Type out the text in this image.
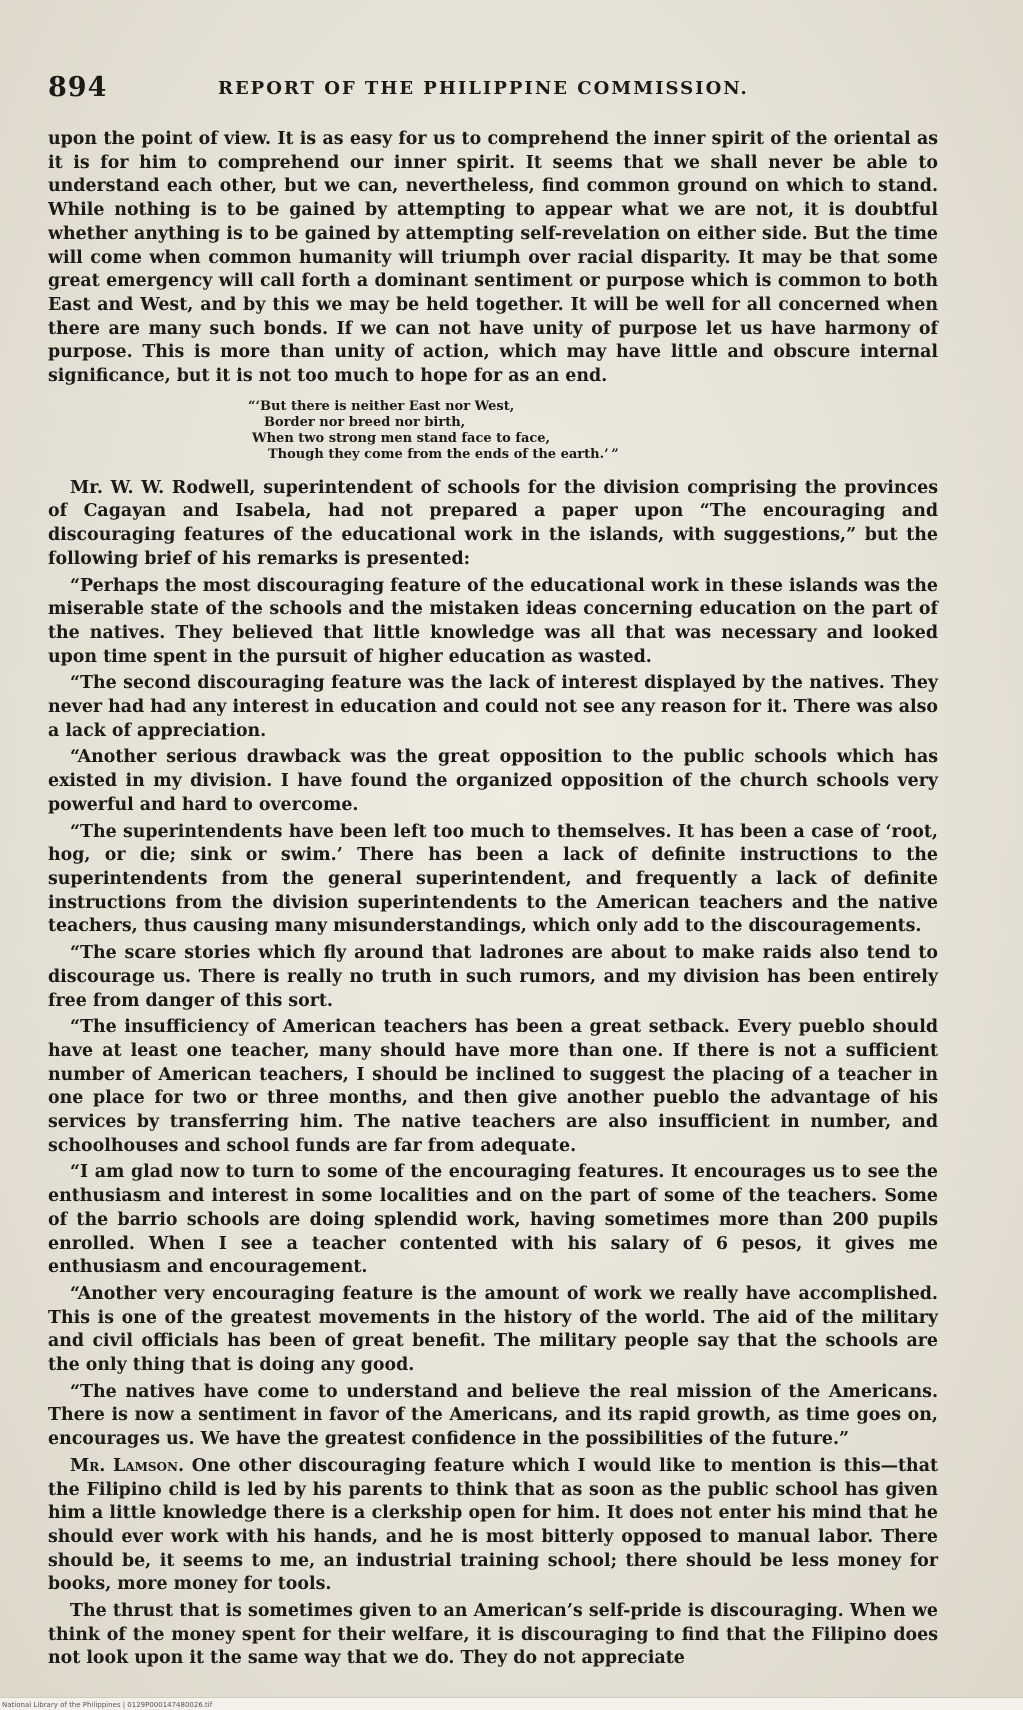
894	REPORT OF THE PHILIPPINE COMMISSION.

upon the point of view. It is as easy for us to comprehend the inner spirit of the oriental as it is for him to comprehend our inner spirit. It seems that we shall never be able to understand each other, but we can, nevertheless, find common ground on which to stand. While nothing is to be gained by attempting to appear what we are not, it is doubtful whether anything is to be gained by attempting self-revelation on either side. But the time will come when common humanity will triumph over racial disparity. It may be that some great emergency will call forth a dominant sentiment or purpose which is common to both East and West, and by this we may be held together. It will be well for all concerned when there are many such bonds. If we can not have unity of purpose let us have harmony of purpose. This is more than unity of action, which may have little and obscure internal significance, but it is not too much to hope for as an end.

“‘But there is neither East nor West,
Border nor breed nor birth,
When two strong men stand face to face,
Though they come from the ends of the earth.’ ”

Mr. W. W. Rodwell, superintendent of schools for the division comprising the provinces of Cagayan and Isabela, had not prepared a paper upon “The encouraging and discouraging features of the educational work in the islands, with suggestions,” but the following brief of his remarks is presented:

“Perhaps the most discouraging feature of the educational work in these islands was the miserable state of the schools and the mistaken ideas concerning education on the part of the natives. They believed that little knowledge was all that was necessary and looked upon time spent in the pursuit of higher education as wasted.

“The second discouraging feature was the lack of interest displayed by the natives. They never had had any interest in education and could not see any reason for it. There was also a lack of appreciation.

“Another serious drawback was the great opposition to the public schools which has existed in my division. I have found the organized opposition of the church schools very powerful and hard to overcome.

“The superintendents have been left too much to themselves. It has been a case of ‘root, hog, or die; sink or swim.’ There has been a lack of definite instructions to the superintendents from the general superintendent, and frequently a lack of definite instructions from the division superintendents to the American teachers and the native teachers, thus causing many misunderstandings, which only add to the discouragements.

“The scare stories which fly around that ladrones are about to make raids also tend to discourage us. There is really no truth in such rumors, and my division has been entirely free from danger of this sort.

“The insufficiency of American teachers has been a great setback. Every pueblo should have at least one teacher, many should have more than one. If there is not a sufficient number of American teachers, I should be inclined to suggest the placing of a teacher in one place for two or three months, and then give another pueblo the advantage of his services by transferring him. The native teachers are also insufficient in number, and schoolhouses and school funds are far from adequate.

“I am glad now to turn to some of the encouraging features. It encourages us to see the enthusiasm and interest in some localities and on the part of some of the teachers. Some of the barrio schools are doing splendid work, having sometimes more than 200 pupils enrolled. When I see a teacher contented with his salary of 6 pesos, it gives me enthusiasm and encouragement.

“Another very encouraging feature is the amount of work we really have accomplished. This is one of the greatest movements in the history of the world. The aid of the military and civil officials has been of great benefit. The military people say that the schools are the only thing that is doing any good.

“The natives have come to understand and believe the real mission of the Americans. There is now a sentiment in favor of the Americans, and its rapid growth, as time goes on, encourages us. We have the greatest confidence in the possibilities of the future.”

Mr. Lamson. One other discouraging feature which I would like to mention is this—that the Filipino child is led by his parents to think that as soon as the public school has given him a little knowledge there is a clerkship open for him. It does not enter his mind that he should ever work with his hands, and he is most bitterly opposed to manual labor. There should be, it seems to me, an industrial training school; there should be less money for books, more money for tools.

The thrust that is sometimes given to an American’s self-pride is discouraging. When we think of the money spent for their welfare, it is discouraging to find that the Filipino does not look upon it the same way that we do. They do not appreciate

National Library of the Philippines | 0129P000147480026.tif
